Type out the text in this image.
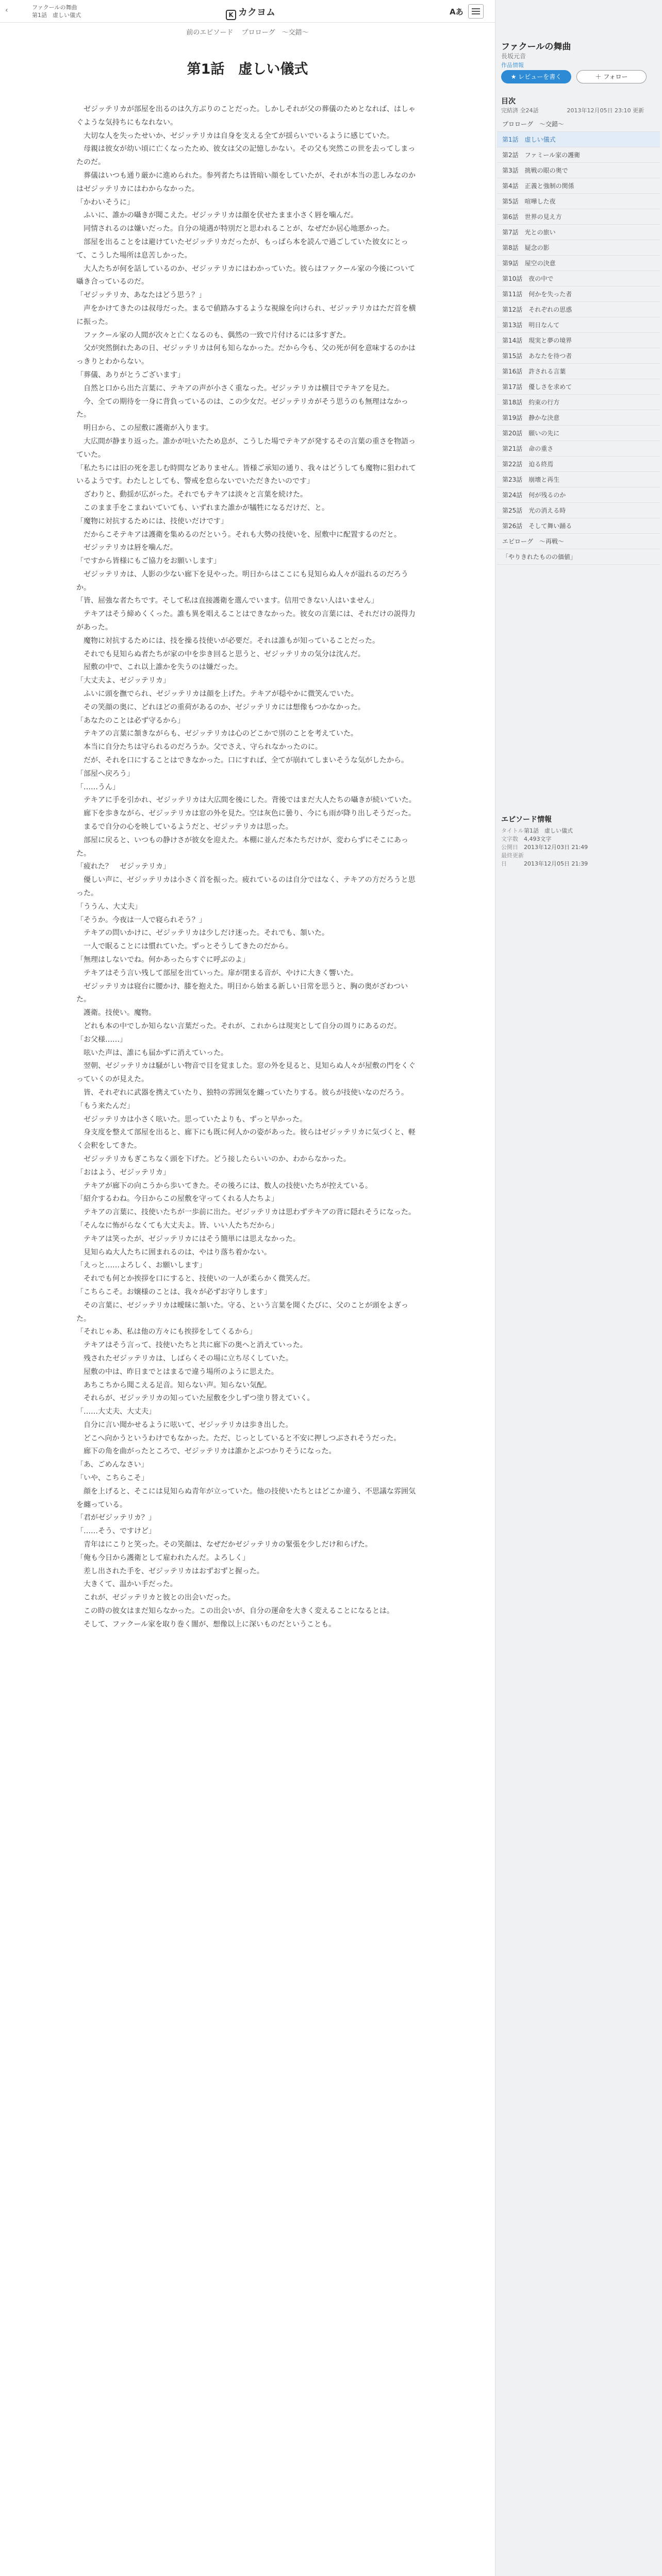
‹	ファクールの舞曲
第1話　虚しい儀式	K カクヨム	Aあ
前のエピソード プロローグ　～交錯～
第1話　虚しい儀式
　ゼジッテリカが部屋を出るのは久方ぶりのことだった。しかしそれが父の葬儀のためとなれば、はしゃぐような気持ちにもなれない。
　大切な人を失ったせいか、ゼジッテリカは自身を支える全てが揺らいでいるように感じていた。
　母親は彼女が幼い頃に亡くなったため、彼女は父の記憶しかない。その父も突然この世を去ってしまったのだ。
　葬儀はいつも通り厳かに進められた。参列者たちは皆暗い顔をしていたが、それが本当の悲しみなのかはゼジッテリカにはわからなかった。
「かわいそうに」
　ふいに、誰かの囁きが聞こえた。ゼジッテリカは顔を伏せたまま小さく唇を噛んだ。
　同情されるのは嫌いだった。自分の境遇が特別だと思われることが、なぜだか居心地悪かった。
　部屋を出ることをは避けていたゼジッテリカだったが、もっぱら本を読んで過ごしていた彼女にとって、こうした場所は息苦しかった。
　大人たちが何を話しているのか、ゼジッテリカにはわかっていた。彼らはファクール家の今後について囁き合っているのだ。
「ゼジッテリカ、あなたはどう思う？」
　声をかけてきたのは叔母だった。まるで値踏みするような視線を向けられ、ゼジッテリカはただ首を横に振った。
　ファクール家の人間が次々と亡くなるのも、偶然の一致で片付けるには多すぎた。
　父が突然倒れたあの日、ゼジッテリカは何も知らなかった。だから今も、父の死が何を意味するのかはっきりとわからない。
「葬儀、ありがとうございます」
　自然と口から出た言葉に、テキアの声が小さく重なった。ゼジッテリカは横目でテキアを見た。
　今、全ての期待を一身に背負っているのは、この少女だ。ゼジッテリカがそう思うのも無理はなかった。
　明日から、この屋敷に護衛が入ります。
　大広間が静まり返った。誰かが吐いたため息が、こうした場でテキアが発するその言葉の重さを物語っていた。
「私たちには旧の死を悲しむ時間などありません。皆様ご承知の通り、我々はどうしても魔物に狙われているようです。わたしとしても、警戒を怠らないでいただきたいのです」
　ざわりと、動揺が広がった。それでもテキアは淡々と言葉を続けた。
　このまま手をこまねいていても、いずれまた誰かが犠牲になるだけだ、と。
「魔物に対抗するためには、技使いだけです」
　だからこそテキアは護衛を集めるのだという。それも大勢の技使いを、屋敷中に配置するのだと。
　ゼジッテリカは唇を噛んだ。
「ですから皆様にもご協力をお願いします」
　ゼジッテリカは、人影の少ない廊下を見やった。明日からはここにも見知らぬ人々が溢れるのだろうか。
「皆、屈強な者たちです。そして私は直接護衛を選んでいます。信用できない人はいません」
　テキアはそう締めくくった。誰も異を唱えることはできなかった。彼女の言葉には、それだけの説得力があった。
　魔物に対抗するためには、技を操る技使いが必要だ。それは誰もが知っていることだった。
　それでも見知らぬ者たちが家の中を歩き回ると思うと、ゼジッテリカの気分は沈んだ。
　屋敷の中で、これ以上誰かを失うのは嫌だった。
「大丈夫よ、ゼジッテリカ」
　ふいに頭を撫でられ、ゼジッテリカは顔を上げた。テキアが穏やかに微笑んでいた。
　その笑顔の奥に、どれほどの重荷があるのか、ゼジッテリカには想像もつかなかった。
「あなたのことは必ず守るから」
　テキアの言葉に頷きながらも、ゼジッテリカは心のどこかで別のことを考えていた。
　本当に自分たちは守られるのだろうか。父でさえ、守られなかったのに。
　だが、それを口にすることはできなかった。口にすれば、全てが崩れてしまいそうな気がしたから。
「部屋へ戻ろう」
「……うん」
　テキアに手を引かれ、ゼジッテリカは大広間を後にした。背後ではまだ大人たちの囁きが続いていた。
　廊下を歩きながら、ゼジッテリカは窓の外を見た。空は灰色に曇り、今にも雨が降り出しそうだった。
　まるで自分の心を映しているようだと、ゼジッテリカは思った。
　部屋に戻ると、いつもの静けさが彼女を迎えた。本棚に並んだ本たちだけが、変わらずにそこにあった。
「疲れた？　ゼジッテリカ」
　優しい声に、ゼジッテリカは小さく首を振った。疲れているのは自分ではなく、テキアの方だろうと思った。
「ううん、大丈夫」
「そうか。今夜は一人で寝られそう？」
　テキアの問いかけに、ゼジッテリカは少しだけ迷った。それでも、頷いた。
　一人で眠ることには慣れていた。ずっとそうしてきたのだから。
「無理はしないでね。何かあったらすぐに呼ぶのよ」
　テキアはそう言い残して部屋を出ていった。扉が閉まる音が、やけに大きく響いた。
　ゼジッテリカは寝台に腰かけ、膝を抱えた。明日から始まる新しい日常を思うと、胸の奥がざわついた。
　護衛。技使い。魔物。
　どれも本の中でしか知らない言葉だった。それが、これからは現実として自分の周りにあるのだ。
「お父様……」
　呟いた声は、誰にも届かずに消えていった。
　翌朝、ゼジッテリカは騒がしい物音で目を覚ました。窓の外を見ると、見知らぬ人々が屋敷の門をくぐっていくのが見えた。
　皆、それぞれに武器を携えていたり、独特の雰囲気を纏っていたりする。彼らが技使いなのだろう。
「もう来たんだ」
　ゼジッテリカは小さく呟いた。思っていたよりも、ずっと早かった。
　身支度を整えて部屋を出ると、廊下にも既に何人かの姿があった。彼らはゼジッテリカに気づくと、軽く会釈をしてきた。
　ゼジッテリカもぎこちなく頭を下げた。どう接したらいいのか、わからなかった。
「おはよう、ゼジッテリカ」
　テキアが廊下の向こうから歩いてきた。その後ろには、数人の技使いたちが控えている。
「紹介するわね。今日からこの屋敷を守ってくれる人たちよ」
　テキアの言葉に、技使いたちが一歩前に出た。ゼジッテリカは思わずテキアの背に隠れそうになった。
「そんなに怖がらなくても大丈夫よ。皆、いい人たちだから」
　テキアは笑ったが、ゼジッテリカにはそう簡単には思えなかった。
　見知らぬ大人たちに囲まれるのは、やはり落ち着かない。
「えっと……よろしく、お願いします」
　それでも何とか挨拶を口にすると、技使いの一人が柔らかく微笑んだ。
「こちらこそ。お嬢様のことは、我々が必ずお守りします」
　その言葉に、ゼジッテリカは曖昧に頷いた。守る、という言葉を聞くたびに、父のことが頭をよぎった。
「それじゃあ、私は他の方々にも挨拶をしてくるから」
　テキアはそう言って、技使いたちと共に廊下の奥へと消えていった。
　残されたゼジッテリカは、しばらくその場に立ち尽くしていた。
　屋敷の中は、昨日までとはまるで違う場所のように思えた。
　あちこちから聞こえる足音。知らない声。知らない気配。
　それらが、ゼジッテリカの知っていた屋敷を少しずつ塗り替えていく。
「……大丈夫、大丈夫」
　自分に言い聞かせるように呟いて、ゼジッテリカは歩き出した。
　どこへ向かうというわけでもなかった。ただ、じっとしていると不安に押しつぶされそうだった。
　廊下の角を曲がったところで、ゼジッテリカは誰かとぶつかりそうになった。
「あ、ごめんなさい」
「いや、こちらこそ」
　顔を上げると、そこには見知らぬ青年が立っていた。他の技使いたちとはどこか違う、不思議な雰囲気を纏っている。
「君がゼジッテリカ？」
「……そう、ですけど」
　青年はにこりと笑った。その笑顔は、なぜだかゼジッテリカの緊張を少しだけ和らげた。
「俺も今日から護衛として雇われたんだ。よろしく」
　差し出された手を、ゼジッテリカはおずおずと握った。
　大きくて、温かい手だった。
　これが、ゼジッテリカと彼との出会いだった。
　この時の彼女はまだ知らなかった。この出会いが、自分の運命を大きく変えることになるとは。
　そして、ファクール家を取り巻く闇が、想像以上に深いものだということも。
ファクールの舞曲
長坂元音
作品情報
★ レビューを書く	＋ フォロー
目次
完結済 全24話　　　　　2013年12月05日 23:10 更新
プロローグ　～交錯～
第1話　虚しい儀式
第2話　ファミール家の護衛
第3話　挑戦の眼の奥で
第4話　正義と強制の関係
第5話　喧嘩した夜
第6話　世界の見え方
第7話　光との旅い
第8話　疑念の影
第9話　屋空の決意
第10話　夜の中で
第11話　何かを失った者
第12話　それぞれの思惑
第13話　明日なんて
第14話　現実と夢の境界
第15話　あなたを待つ者
第16話　許される言葉
第17話　優しさを求めて
第18話　約束の行方
第19話　静かな決意
第20話　願いの先に
第21話　命の重さ
第22話　迫る終焉
第23話　崩壊と再生
第24話　何が残るのか
第25話　光の消える時
第26話　そして舞い踊る
エピローグ　～再戦～
「やりきれたものの価値」
エピソード情報
タイトル第1話　虚しい儀式
文字数 4,493文字
公開日 2013年12月03日 21:49
最終更新日	2013年12月05日 21:39
